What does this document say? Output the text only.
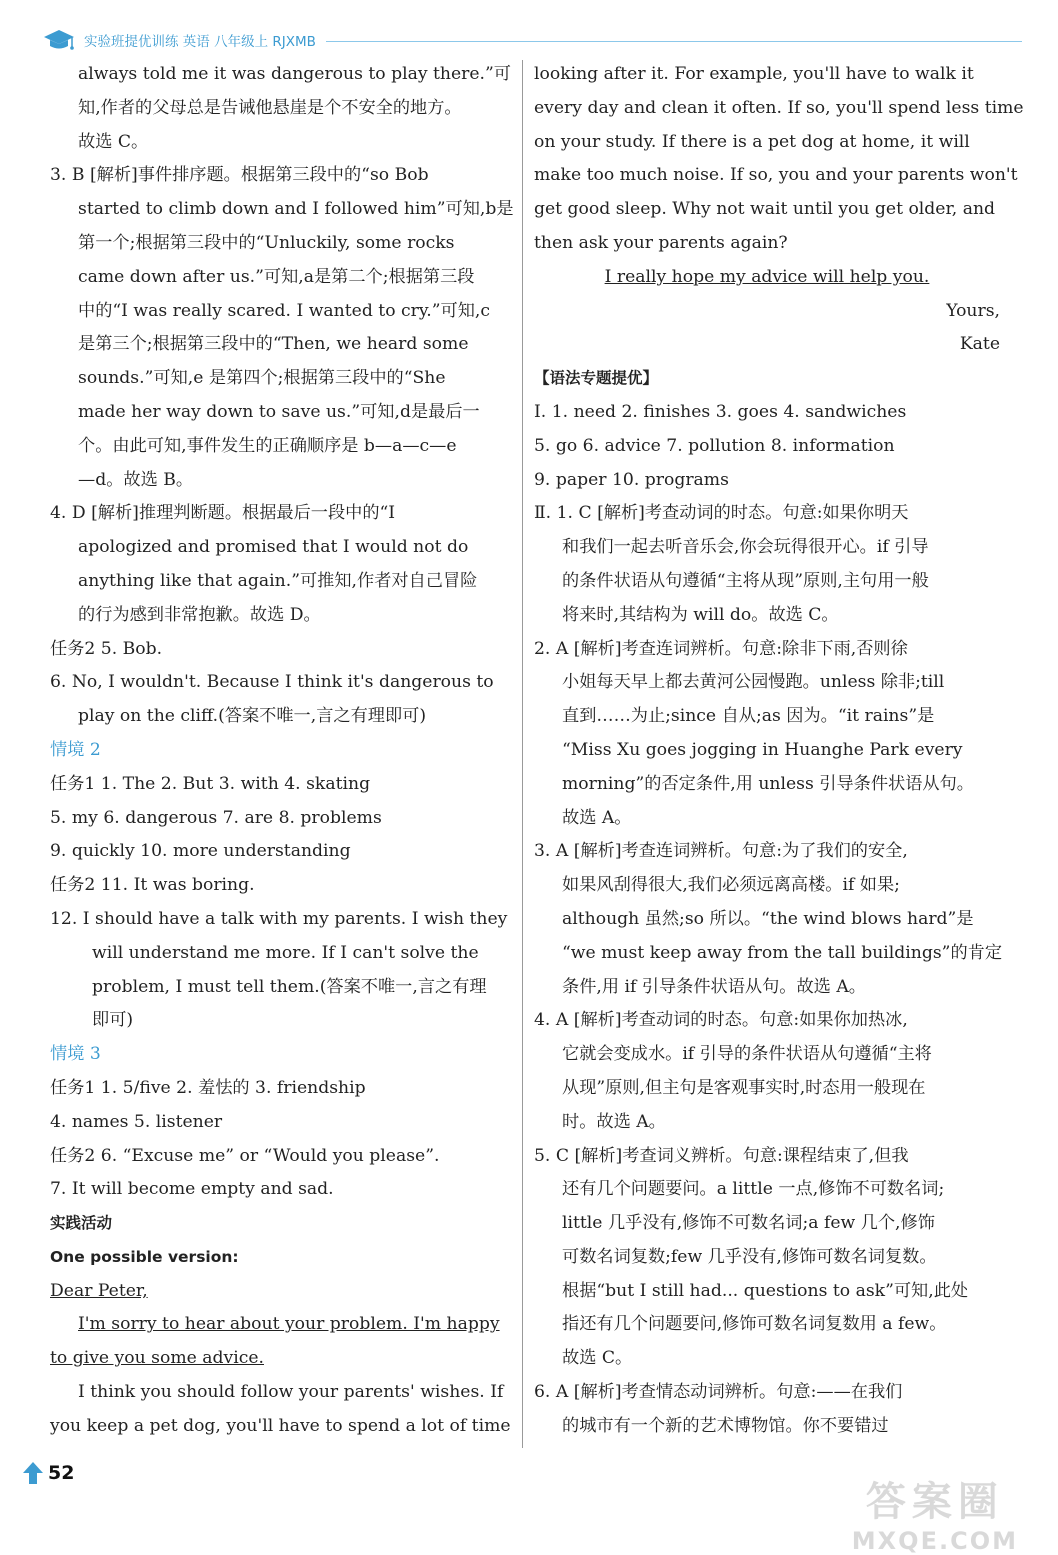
实验班提优训练 英语 八年级上 RJXMB

always told me it was dangerous to play there.”可

知,作者的父母总是告诫他悬崖是个不安全的地方。

故选 C。

3. B [解析]事件排序题。根据第三段中的“so Bob

started to climb down and I followed him”可知,b是

第一个;根据第三段中的“Unluckily, some rocks

came down after us.”可知,a是第二个;根据第三段

中的“I was really scared. I wanted to cry.”可知,c

是第三个;根据第三段中的“Then, we heard some

sounds.”可知,e 是第四个;根据第三段中的“She

made her way down to save us.”可知,d是最后一

个。由此可知,事件发生的正确顺序是 b—a—c—e

—d。故选 B。

4. D [解析]推理判断题。根据最后一段中的“I

apologized and promised that I would not do

anything like that again.”可推知,作者对自己冒险

的行为感到非常抱歉。故选 D。

任务2 5. Bob.

6. No, I wouldn't. Because I think it's dangerous to

play on the cliff.(答案不唯一,言之有理即可)

情境 2

任务1 1. The 2. But 3. with 4. skating

5. my 6. dangerous 7. are 8. problems

9. quickly 10. more understanding

任务2 11. It was boring.

12. I should have a talk with my parents. I wish they

will understand me more. If I can't solve the

problem, I must tell them.(答案不唯一,言之有理

即可)

情境 3

任务1 1. 5/five 2. 羞怯的 3. friendship

4. names 5. listener

任务2 6. “Excuse me” or “Would you please”.

7. It will become empty and sad.

实践活动

One possible version:

Dear Peter,

I'm sorry to hear about your problem. I'm happy

to give you some advice.

I think you should follow your parents' wishes. If

you keep a pet dog, you'll have to spend a lot of time

looking after it. For example, you'll have to walk it

every day and clean it often. If so, you'll spend less time

on your study. If there is a pet dog at home, it will

make too much noise. If so, you and your parents won't

get good sleep. Why not wait until you get older, and

then ask your parents again?

I really hope my advice will help you.

Yours,

Kate

【语法专题提优】

Ⅰ. 1. need 2. finishes 3. goes 4. sandwiches

5. go 6. advice 7. pollution 8. information

9. paper 10. programs

Ⅱ. 1. C [解析]考查动词的时态。句意:如果你明天

和我们一起去听音乐会,你会玩得很开心。if 引导

的条件状语从句遵循“主将从现”原则,主句用一般

将来时,其结构为 will do。故选 C。

2. A [解析]考查连词辨析。句意:除非下雨,否则徐

小姐每天早上都去黄河公园慢跑。unless 除非;till

直到……为止;since 自从;as 因为。“it rains”是

“Miss Xu goes jogging in Huanghe Park every

morning”的否定条件,用 unless 引导条件状语从句。

故选 A。

3. A [解析]考查连词辨析。句意:为了我们的安全,

如果风刮得很大,我们必须远离高楼。if 如果;

although 虽然;so 所以。“the wind blows hard”是

“we must keep away from the tall buildings”的肯定

条件,用 if 引导条件状语从句。故选 A。

4. A [解析]考查动词的时态。句意:如果你加热冰,

它就会变成水。if 引导的条件状语从句遵循“主将

从现”原则,但主句是客观事实时,时态用一般现在

时。故选 A。

5. C [解析]考查词义辨析。句意:课程结束了,但我

还有几个问题要问。a little 一点,修饰不可数名词;

little 几乎没有,修饰不可数名词;a few 几个,修饰

可数名词复数;few 几乎没有,修饰可数名词复数。

根据“but I still had... questions to ask”可知,此处

指还有几个问题要问,修饰可数名词复数用 a few。

故选 C。

6. A [解析]考查情态动词辨析。句意:——在我们

的城市有一个新的艺术博物馆。你不要错过

52
答案圈
MXQE.COM
